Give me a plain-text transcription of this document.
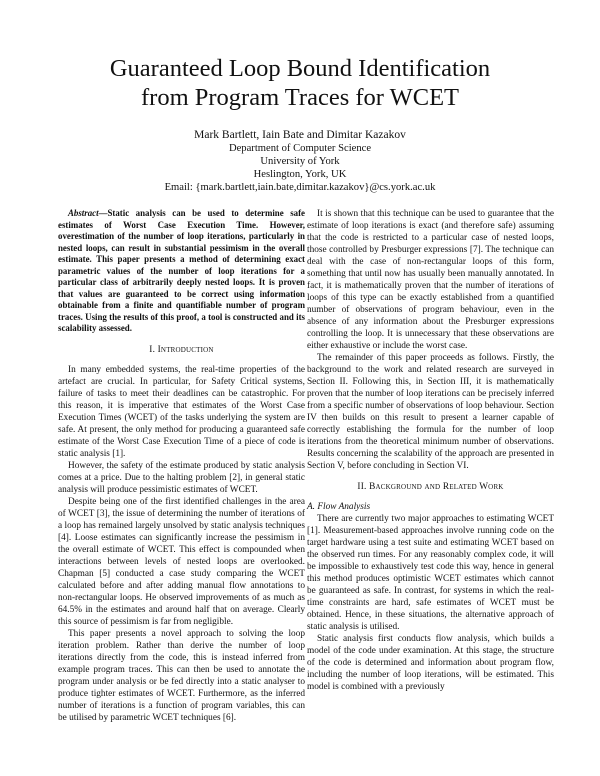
Guaranteed Loop Bound Identification
from Program Traces for WCET
Mark Bartlett, Iain Bate and Dimitar Kazakov
Department of Computer Science
University of York
Heslington, York, UK
Email: {mark.bartlett,iain.bate,dimitar.kazakov}@cs.york.ac.uk

Abstract—Static analysis can be used to determine safe estimates of Worst Case Execution Time. However, overestimation of the number of loop iterations, particularly in nested loops, can result in substantial pessimism in the overall estimate. This paper presents a method of determining exact parametric values of the number of loop iterations for a particular class of arbitrarily deeply nested loops. It is proven that values are guaranteed to be correct using information obtainable from a finite and quantifiable number of program traces. Using the results of this proof, a tool is constructed and its scalability assessed.

I. Introduction

In many embedded systems, the real-time properties of the artefact are crucial. In particular, for Safety Critical systems, failure of tasks to meet their deadlines can be catastrophic. For this reason, it is imperative that estimates of the Worst Case Execution Times (WCET) of the tasks underlying the system are safe. At present, the only method for producing a guaranteed safe estimate of the Worst Case Execution Time of a piece of code is static analysis [1].

However, the safety of the estimate produced by static analysis comes at a price. Due to the halting problem [2], in general static analysis will produce pessimistic estimates of WCET.

Despite being one of the first identified challenges in the area of WCET [3], the issue of determining the number of iterations of a loop has remained largely unsolved by static analysis techniques [4]. Loose estimates can significantly increase the pessimism in the overall estimate of WCET. This effect is compounded when interactions between levels of nested loops are overlooked. Chapman [5] conducted a case study comparing the WCET calculated before and after adding manual flow annotations to non-rectangular loops. He observed improvements of as much as 64.5% in the estimates and around half that on average. Clearly this source of pessimism is far from negligible.

This paper presents a novel approach to solving the loop iteration problem. Rather than derive the number of loop iterations directly from the code, this is instead inferred from example program traces. This can then be used to annotate the program under analysis or be fed directly into a static analyser to produce tighter estimates of WCET. Furthermore, as the inferred number of iterations is a function of program variables, this can be utilised by parametric WCET techniques [6].

It is shown that this technique can be used to guarantee that the estimate of loop iterations is exact (and therefore safe) assuming that the code is restricted to a particular case of nested loops, those controlled by Presburger expressions [7]. The technique can deal with the case of non-rectangular loops of this form, something that until now has usually been manually annotated. In fact, it is mathematically proven that the number of iterations of loops of this type can be exactly established from a quantified number of observations of program behaviour, even in the absence of any information about the Presburger expressions controlling the loop. It is unnecessary that these observations are either exhaustive or include the worst case.

The remainder of this paper proceeds as follows. Firstly, the background to the work and related research are surveyed in Section II. Following this, in Section III, it is mathematically proven that the number of loop iterations can be precisely inferred from a specific number of observations of loop behaviour. Section IV then builds on this result to present a learner capable of correctly establishing the formula for the number of loop iterations from the theoretical minimum number of observations. Results concerning the scalability of the approach are presented in Section V, before concluding in Section VI.

II. Background and Related Work
A. Flow Analysis

There are currently two major approaches to estimating WCET [1]. Measurement-based approaches involve running code on the target hardware using a test suite and estimating WCET based on the observed run times. For any reasonably complex code, it will be impossible to exhaustively test code this way, hence in general this method produces optimistic WCET estimates which cannot be guaranteed as safe. In contrast, for systems in which the real-time constraints are hard, safe estimates of WCET must be obtained. Hence, in these situations, the alternative approach of static analysis is utilised.

Static analysis first conducts flow analysis, which builds a model of the code under examination. At this stage, the structure of the code is determined and information about program flow, including the number of loop iterations, will be estimated. This model is combined with a previously
